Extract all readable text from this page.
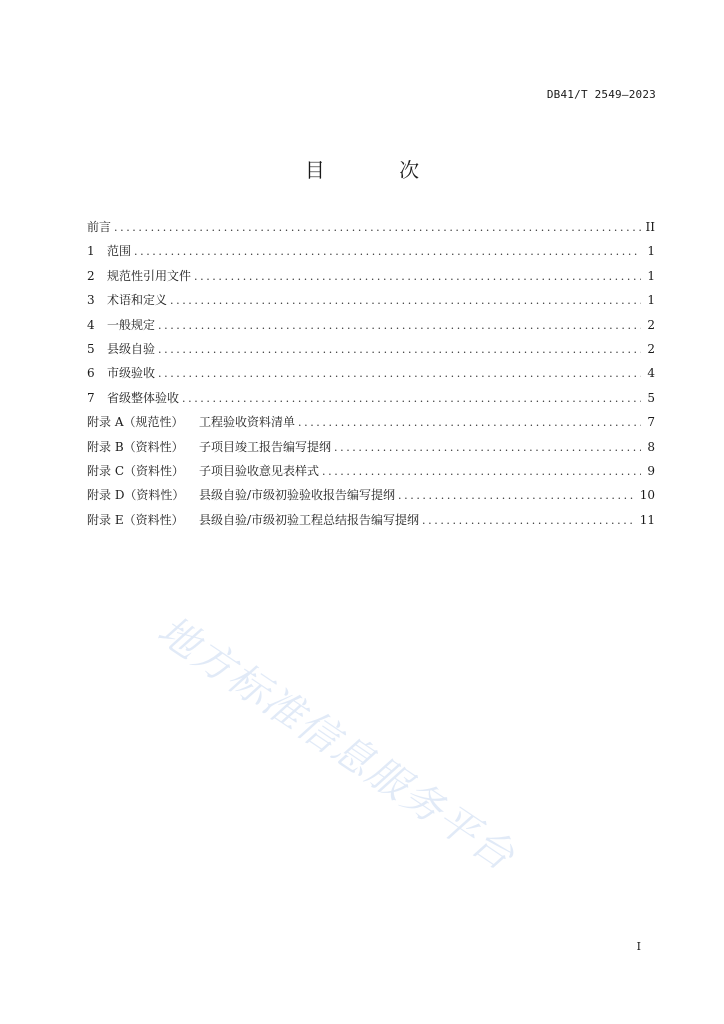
DB41/T 2549—2023
目 次
前言 .....	II
1	范围 .....	1
2	规范性引用文件 .....	1
3	术语和定义 .....	1
4	一般规定 .....	2
5	县级自验 .....	2
6	市级验收 .....	4
7	省级整体验收 .....	5
附录 A（规范性）	工程验收资料清单 .....	7
附录 B（资料性）	子项目竣工报告编写提纲 .....	8
附录 C（资料性）	子项目验收意见表样式 .....	9
附录 D（资料性）	县级自验/市级初验验收报告编写提纲 .....	10
附录 E（资料性）	县级自验/市级初验工程总结报告编写提纲 .....	11
地方标准信息服务平台
I
